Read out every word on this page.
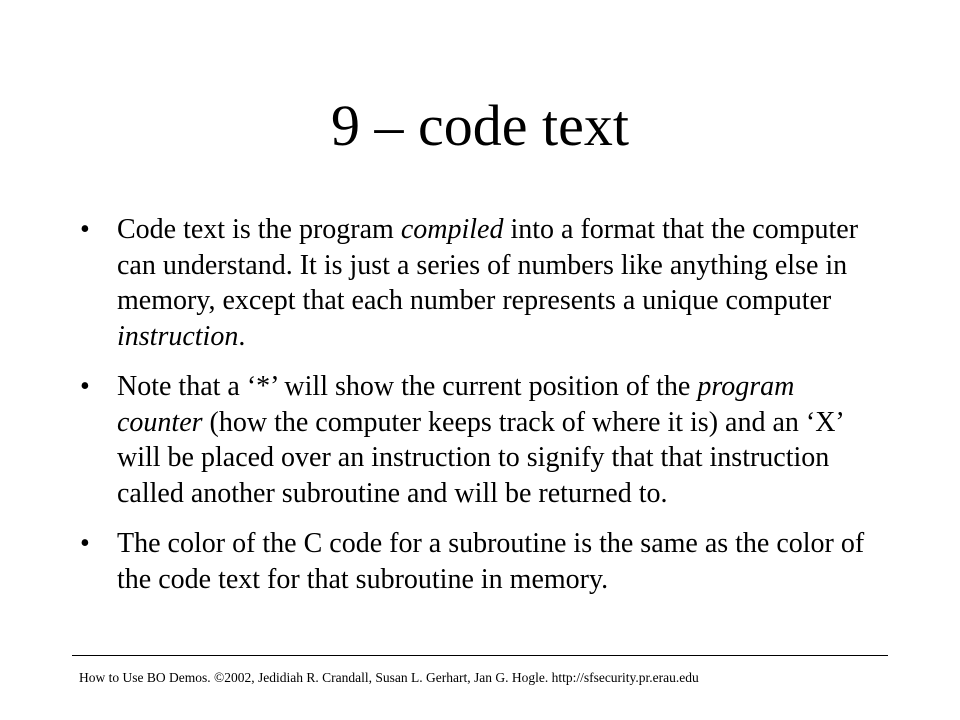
9 – code text
• Code text is the program compiled into a format that the computer can understand. It is just a series of numbers like anything else in memory, except that each number represents a unique computer instruction.
• Note that a ‘*’ will show the current position of the program counter (how the computer keeps track of where it is) and an ‘X’ will be placed over an instruction to signify that that instruction called another subroutine and will be returned to.
• The color of the C code for a subroutine is the same as the color of the code text for that subroutine in memory.
How to Use BO Demos. ©2002, Jedidiah R. Crandall, Susan L. Gerhart, Jan G. Hogle. http://sfsecurity.pr.erau.edu
